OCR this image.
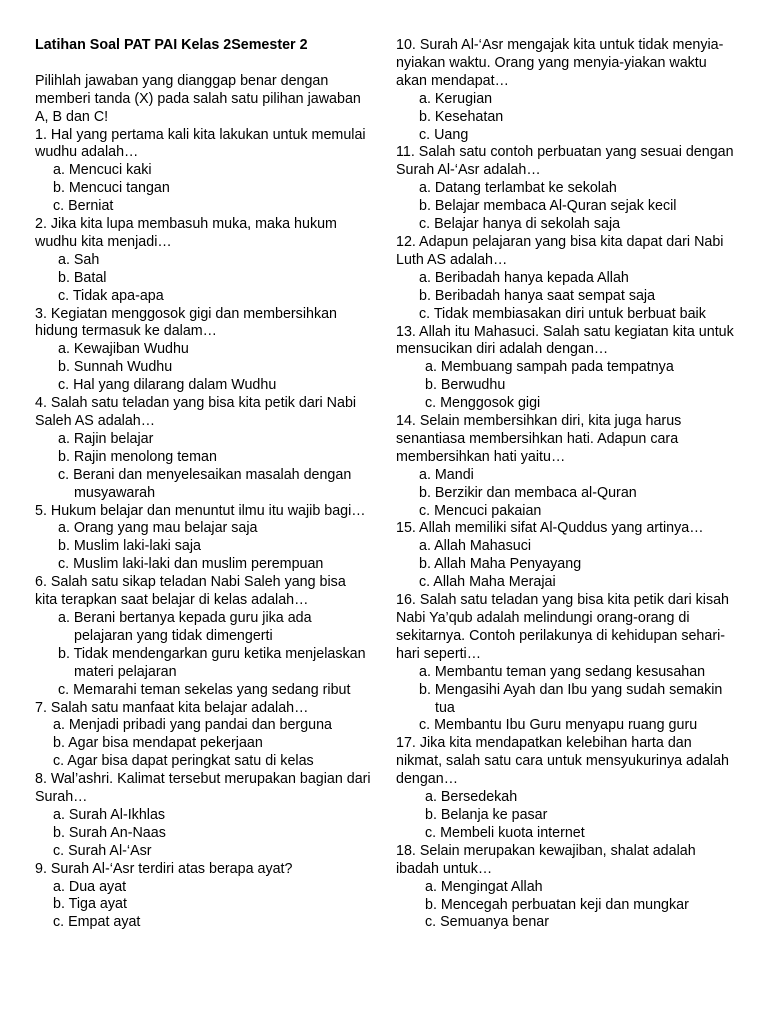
Latihan Soal PAT PAI Kelas 2Semester 2
Pilihlah jawaban yang dianggap benar dengan memberi tanda (X) pada salah satu pilihan jawaban A, B dan C!
1. Hal yang pertama kali kita lakukan untuk memulai wudhu adalah…
a. Mencuci kaki
b. Mencuci tangan
c. Berniat
2. Jika kita lupa membasuh muka, maka hukum wudhu kita menjadi…
a. Sah
b. Batal
c. Tidak apa-apa
3. Kegiatan menggosok gigi dan membersihkan hidung termasuk ke dalam…
a. Kewajiban Wudhu
b. Sunnah Wudhu
c. Hal yang dilarang dalam Wudhu
4. Salah satu teladan yang bisa kita petik dari Nabi Saleh AS adalah…
a. Rajin belajar
b. Rajin menolong teman
c. Berani dan menyelesaikan masalah dengan musyawarah
5. Hukum belajar dan menuntut ilmu itu wajib bagi…
a. Orang yang mau belajar saja
b. Muslim laki-laki saja
c. Muslim laki-laki dan muslim perempuan
6. Salah satu sikap teladan Nabi Saleh yang bisa kita terapkan saat belajar di kelas adalah…
a. Berani bertanya kepada guru jika ada pelajaran yang tidak dimengerti
b. Tidak mendengarkan guru ketika menjelaskan materi pelajaran
c. Memarahi teman sekelas yang sedang ribut
7. Salah satu manfaat kita belajar adalah…
a. Menjadi pribadi yang pandai dan berguna
b. Agar bisa mendapat pekerjaan
c. Agar bisa dapat peringkat satu di kelas
8. Wal’ashri. Kalimat tersebut merupakan bagian dari Surah…
a. Surah Al-Ikhlas
b. Surah An-Naas
c. Surah Al-‘Asr
9. Surah Al-‘Asr terdiri atas berapa ayat?
a. Dua ayat
b. Tiga ayat
c. Empat ayat
10. Surah Al-‘Asr mengajak kita untuk tidak menyia-nyiakan waktu. Orang yang menyia-yiakan waktu akan mendapat…
a. Kerugian
b. Kesehatan
c. Uang
11. Salah satu contoh perbuatan yang sesuai dengan Surah Al-‘Asr adalah…
a. Datang terlambat ke sekolah
b. Belajar membaca Al-Quran sejak kecil
c. Belajar hanya di sekolah saja
12. Adapun pelajaran yang bisa kita dapat dari Nabi Luth AS adalah…
a. Beribadah hanya kepada Allah
b. Beribadah hanya saat sempat saja
c. Tidak membiasakan diri untuk berbuat baik
13. Allah itu Mahasuci. Salah satu kegiatan kita untuk mensucikan diri adalah dengan…
a. Membuang sampah pada tempatnya
b. Berwudhu
c. Menggosok gigi
14. Selain membersihkan diri, kita juga harus senantiasa membersihkan hati. Adapun cara membersihkan hati yaitu…
a. Mandi
b. Berzikir dan membaca al-Quran
c. Mencuci pakaian
15. Allah memiliki sifat Al-Quddus yang artinya…
a. Allah Mahasuci
b. Allah Maha Penyayang
c. Allah Maha Merajai
16. Salah satu teladan yang bisa kita petik dari kisah Nabi Ya’qub adalah melindungi orang-orang di sekitarnya. Contoh perilakunya di kehidupan sehari-hari seperti…
a. Membantu teman yang sedang kesusahan
b. Mengasihi Ayah dan Ibu yang sudah semakin tua
c. Membantu Ibu Guru menyapu ruang guru
17. Jika kita mendapatkan kelebihan harta dan nikmat, salah satu cara untuk mensyukurinya adalah dengan…
a. Bersedekah
b. Belanja ke pasar
c. Membeli kuota internet
18. Selain merupakan kewajiban, shalat adalah ibadah untuk…
a. Mengingat Allah
b. Mencegah perbuatan keji dan mungkar
c. Semuanya benar
